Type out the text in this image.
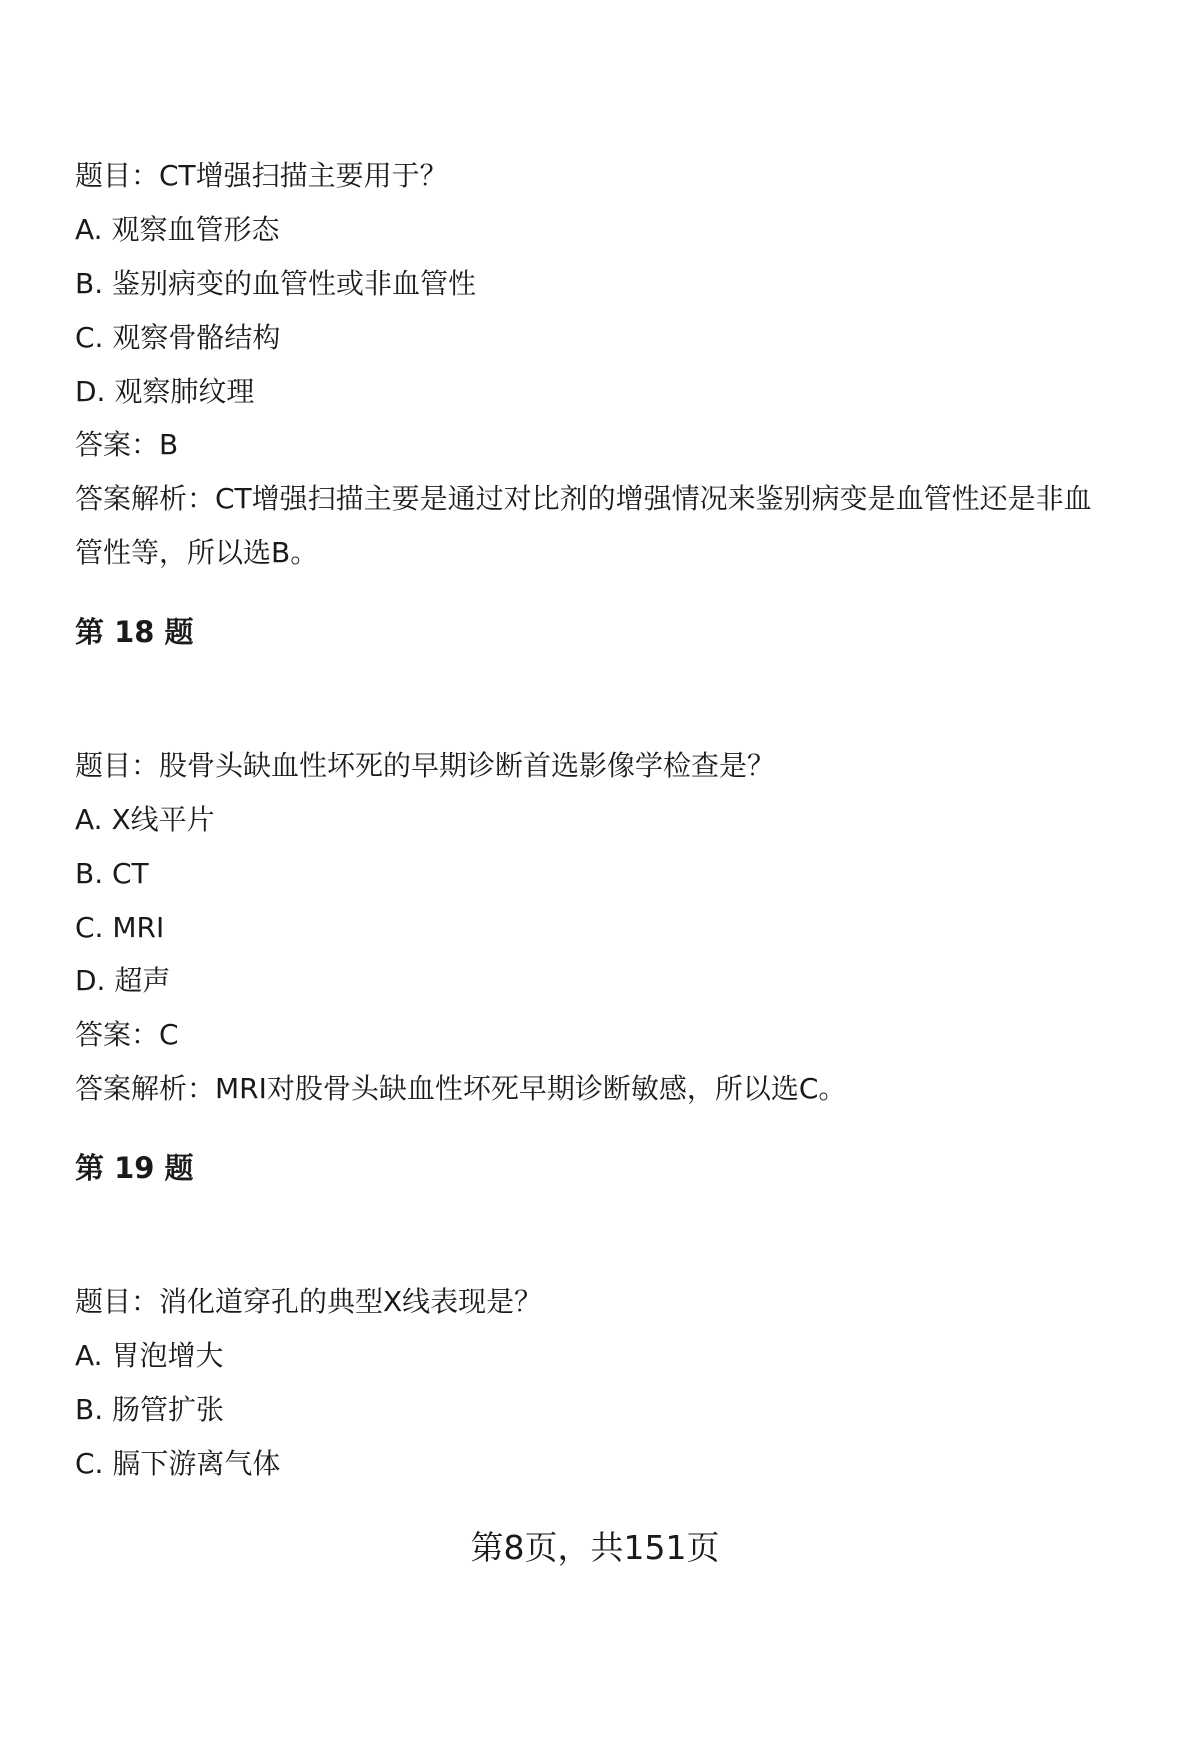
题目：CT增强扫描主要用于？
A. 观察血管形态
B. 鉴别病变的血管性或非血管性
C. 观察骨骼结构
D. 观察肺纹理
答案：B
答案解析：CT增强扫描主要是通过对比剂的增强情况来鉴别病变是血管性还是非血
管性等，所以选B。
第 18 题
题目：股骨头缺血性坏死的早期诊断首选影像学检查是？
A. X线平片
B. CT
C. MRI
D. 超声
答案：C
答案解析：MRI对股骨头缺血性坏死早期诊断敏感，所以选C。
第 19 题
题目：消化道穿孔的典型X线表现是？
A. 胃泡增大
B. 肠管扩张
C. 膈下游离气体
第8页，共151页
